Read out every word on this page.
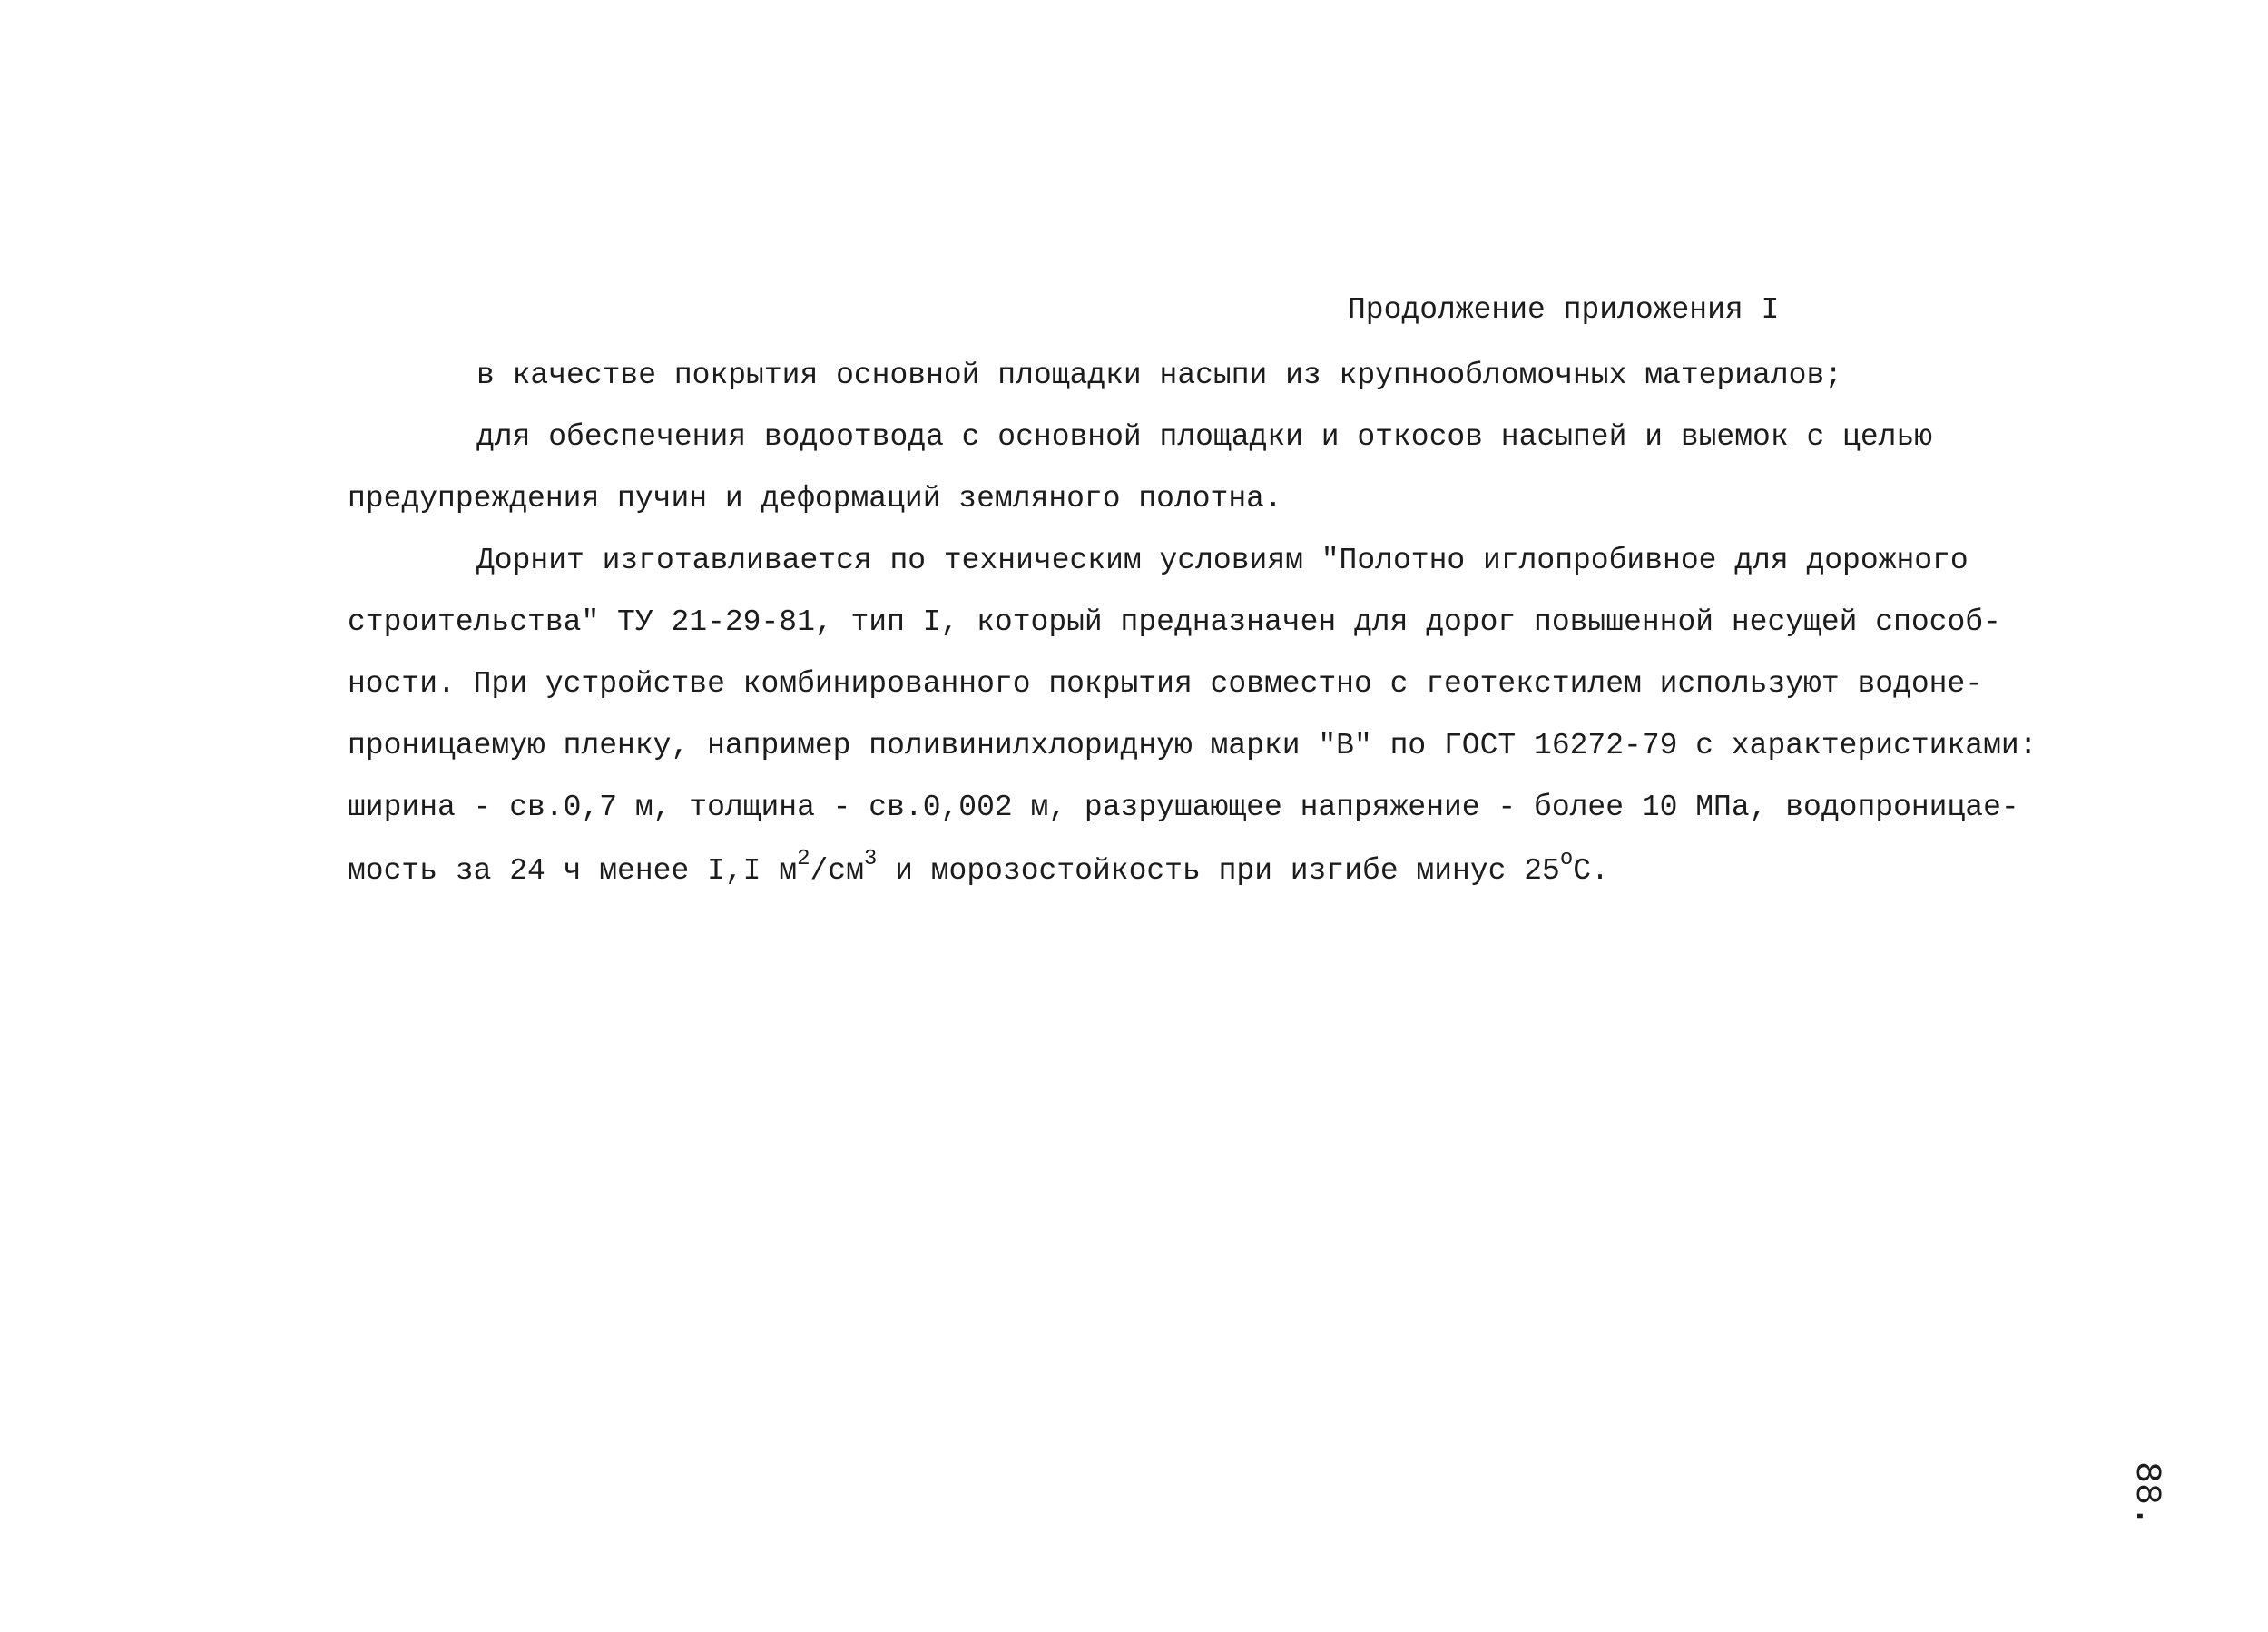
Продолжение приложения I
в качестве покрытия основной площадки насыпи из крупнообломочных материалов;
для обеспечения водоотвода с основной площадки и откосов насыпей и выемок с целью
предупреждения пучин и деформаций земляного полотна.
Дорнит изготавливается по техническим условиям "Полотно иглопробивное для дорожного
строительства" ТУ 21-29-81, тип I, который предназначен для дорог повышенной несущей способ-
ности. При устройстве комбинированного покрытия совместно с геотекстилем используют водоне-
проницаемую пленку, например поливинилхлоридную марки "В" по ГОСТ 16272-79 с характеристиками:
ширина - св.0,7 м, толщина - св.0,002 м, разрушающее напряжение - более 10 МПа, водопроницае-
мость за 24 ч менее I,I $м^2/см^3$ и морозостойкость при изгибе минус $25^оС$.
88.
